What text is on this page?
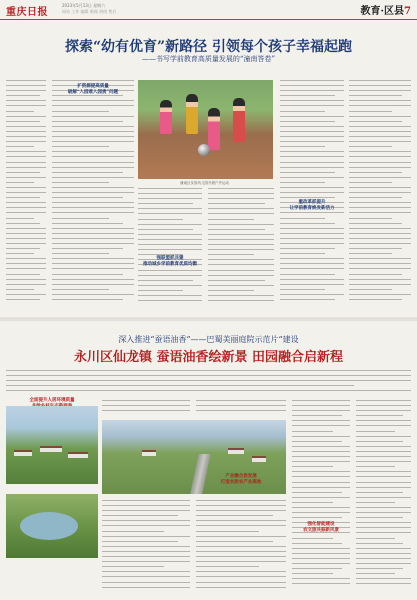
重庆日报
2023年5月13日 星期六
网站 工作 编辑 新闻 热线 售后	教育·区县7
探索“幼有优育”新路径 引领每个孩子幸福起跑
——书写学前教育高质量发展的“潼南答卷”
扩资源提高质量
破解“入园难入园贵”问题
强联盟抓共建
推动城乡学前教育优质均衡
重改革抓提升
让学前教育焕发新活力
潼南区实验幼儿园开展户外运动
深入推进“蚕语油香”——巴蜀美丽庭院示范片“建设
永川区仙龙镇 蚕语油香绘新景 田园融合启新程
全面提升人居环境质量

产业融合促发展
打造农旅农产业高地
强化智能建设
农文旅共振新风景
